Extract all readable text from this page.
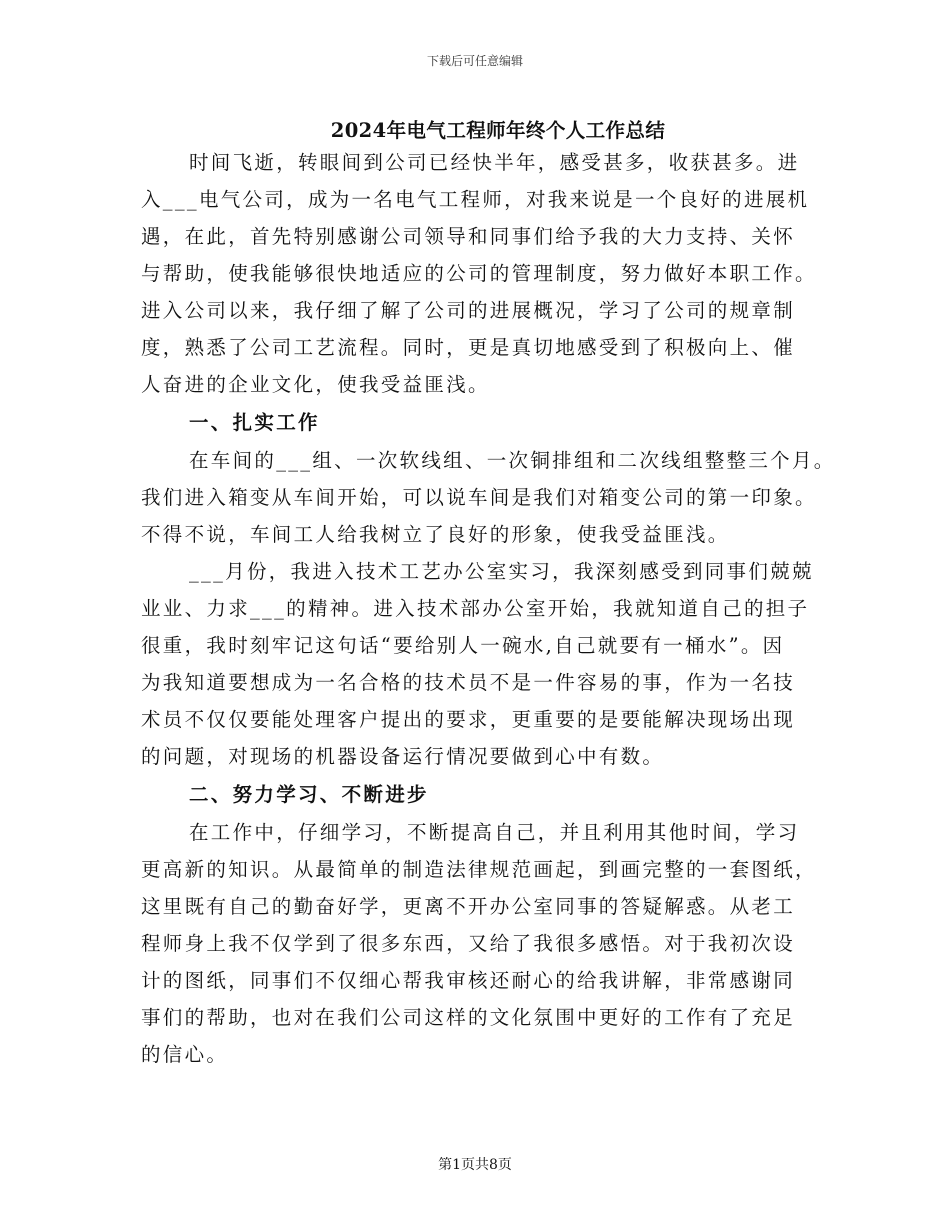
下载后可任意编辑
2024年电气工程师年终个人工作总结

时间飞逝，转眼间到公司已经快半年，感受甚多，收获甚多。进

入___电气公司，成为一名电气工程师，对我来说是一个良好的进展机

遇，在此，首先特别感谢公司领导和同事们给予我的大力支持、关怀

与帮助，使我能够很快地适应的公司的管理制度，努力做好本职工作。

进入公司以来，我仔细了解了公司的进展概况，学习了公司的规章制

度，熟悉了公司工艺流程。同时，更是真切地感受到了积极向上、催

人奋进的企业文化，使我受益匪浅。

一、扎实工作

在车间的___组、一次软线组、一次铜排组和二次线组整整三个月。

我们进入箱变从车间开始，可以说车间是我们对箱变公司的第一印象。

不得不说，车间工人给我树立了良好的形象，使我受益匪浅。

___月份，我进入技术工艺办公室实习，我深刻感受到同事们兢兢

业业、力求___的精神。进入技术部办公室开始，我就知道自己的担子

很重，我时刻牢记这句话“要给别人一碗水,自己就要有一桶水”。因

为我知道要想成为一名合格的技术员不是一件容易的事，作为一名技

术员不仅仅要能处理客户提出的要求，更重要的是要能解决现场出现

的问题，对现场的机器设备运行情况要做到心中有数。

二、努力学习、不断进步

在工作中，仔细学习，不断提高自己，并且利用其他时间，学习

更高新的知识。从最简单的制造法律规范画起，到画完整的一套图纸，

这里既有自己的勤奋好学，更离不开办公室同事的答疑解惑。从老工

程师身上我不仅学到了很多东西，又给了我很多感悟。对于我初次设

计的图纸，同事们不仅细心帮我审核还耐心的给我讲解，非常感谢同

事们的帮助，也对在我们公司这样的文化氛围中更好的工作有了充足

的信心。

第1页共8页
